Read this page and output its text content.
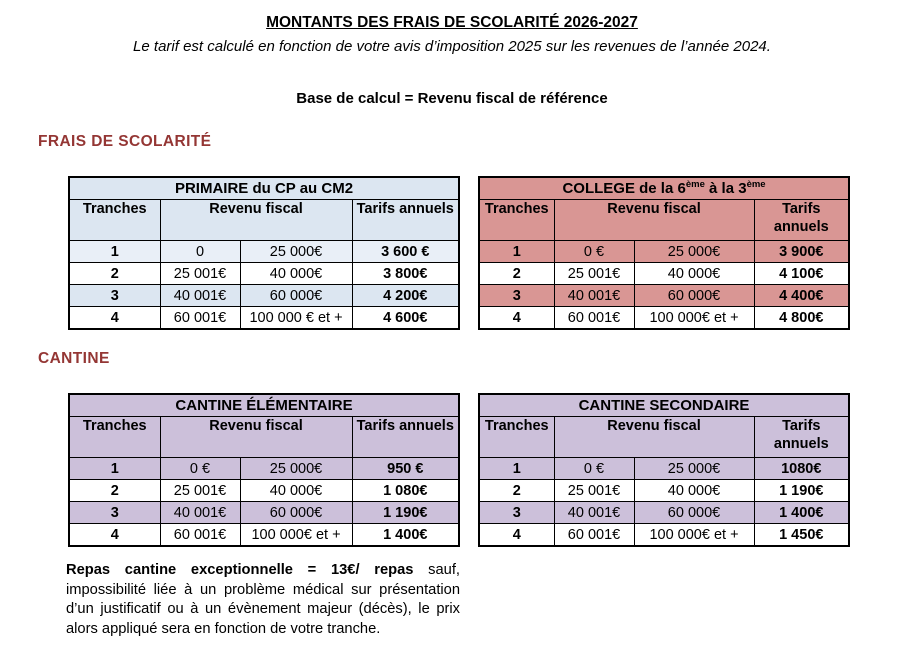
MONTANTS DES FRAIS DE SCOLARITÉ 2026-2027
Le tarif est calculé en fonction de votre avis d’imposition 2025 sur les revenues de l’année 2024.
Base de calcul = Revenu fiscal de référence
FRAIS DE SCOLARITÉ
PRIMAIRE du CP au CM2			
Tranches	Revenu fiscal		Tarifs annuels
1	0	25 000€	3 600 €
2	25 001€	40 000€	3 800€
3	40 001€	60 000€	4 200€
4	60 001€	100 000 € et +	4 600€
COLLEGE de la 6ème à la 3ème
Tranches	Revenu fiscal		Tarifs annuels
1	0 €	25 000€	3 900€
2	25 001€	40 000€	4 100€
3	40 001€	60 000€	4 400€
4	60 001€	100 000€ et +	4 800€
CANTINE
CANTINE ÉLÉMENTAIRE			
Tranches	Revenu fiscal		Tarifs annuels
1	0 €	25 000€	950 €
2	25 001€	40 000€	1 080€
3	40 001€	60 000€	1 190€
4	60 001€	100 000€ et +	1 400€
CANTINE SECONDAIRE			
Tranches	Revenu fiscal		Tarifs annuels
1	0 €	25 000€	1080€
2	25 001€	40 000€	1 190€
3	40 001€	60 000€	1 400€
4	60 001€	100 000€ et +	1 450€
Repas cantine exceptionnelle = 13€/ repas sauf, impossibilité liée à un problème médical sur présentation d’un justificatif ou à un évènement majeur (décès), le prix alors appliqué sera en fonction de votre tranche.
